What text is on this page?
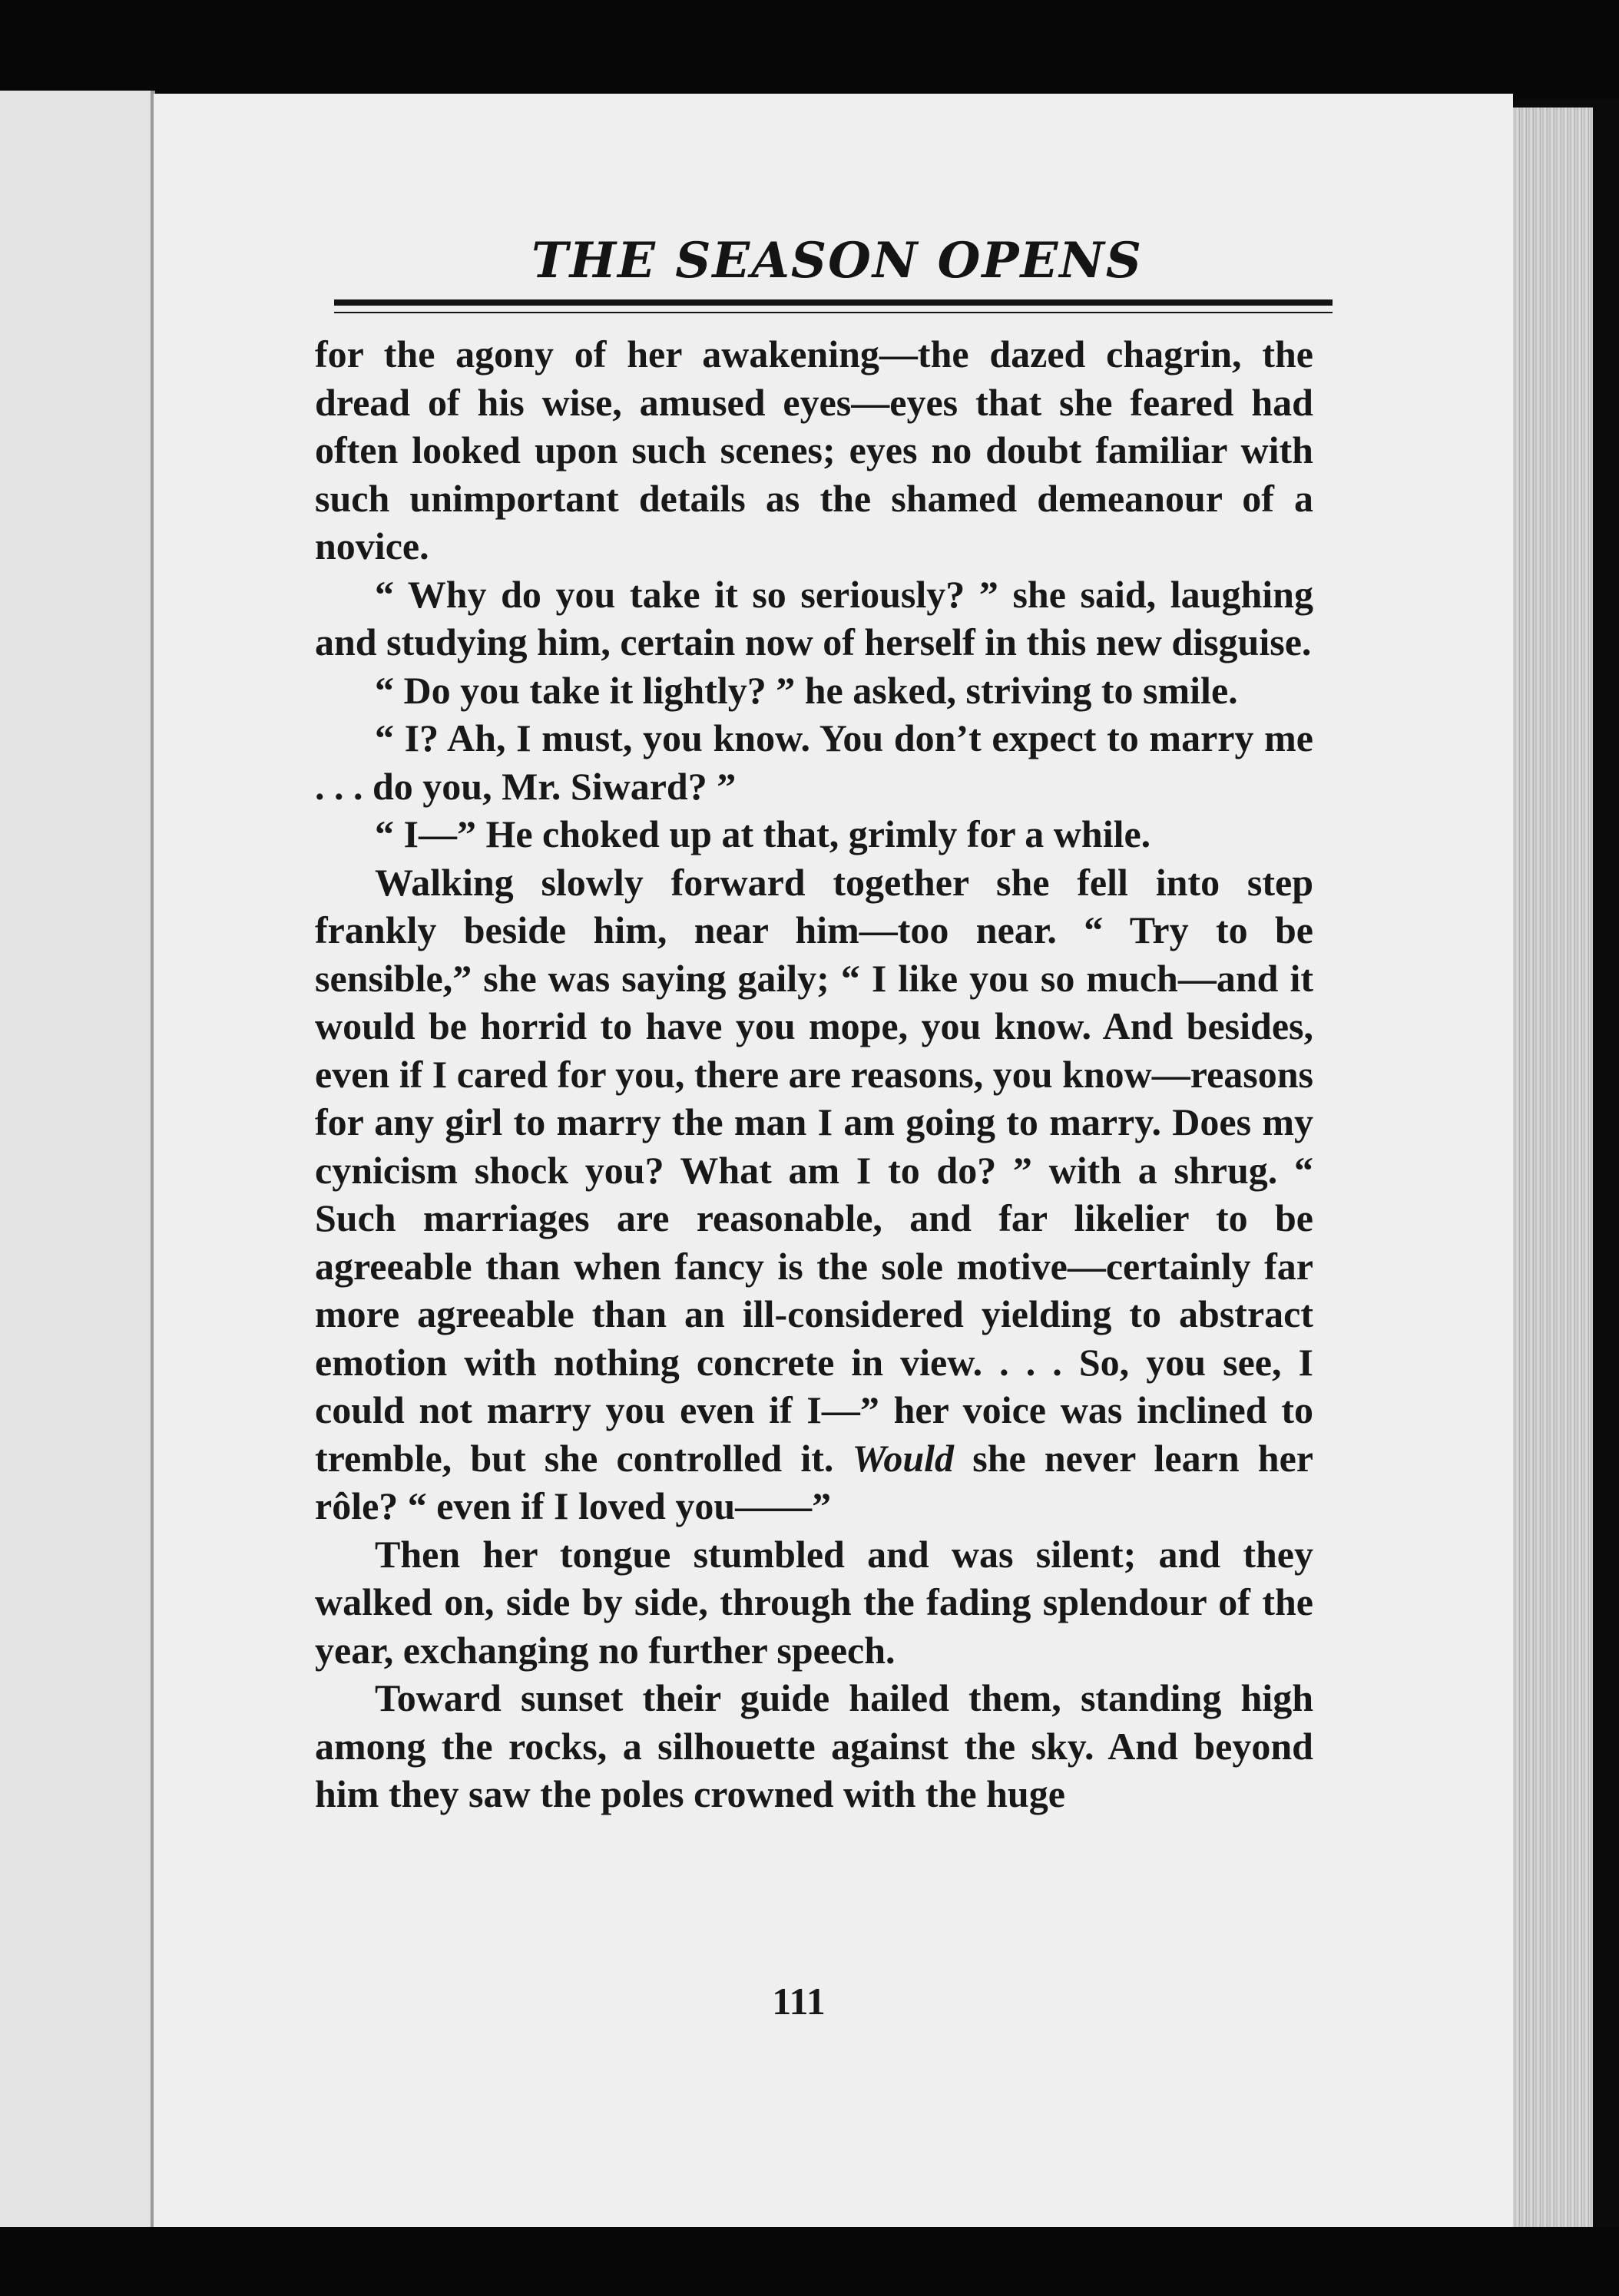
THE SEASON OPENS

for the agony of her awakening—the dazed chagrin, the dread of his wise, amused eyes—eyes that she feared had often looked upon such scenes; eyes no doubt familiar with such unimportant details as the shamed demeanour of a novice.

“ Why do you take it so seriously? ” she said, laughing and studying him, certain now of herself in this new disguise.

“ Do you take it lightly? ” he asked, striving to smile.

“ I? Ah, I must, you know. You don’t expect to marry me . . . do you, Mr. Siward? ”

“ I—” He choked up at that, grimly for a while.

Walking slowly forward together she fell into step frankly beside him, near him—too near. “ Try to be sensible,” she was saying gaily; “ I like you so much—and it would be horrid to have you mope, you know. And besides, even if I cared for you, there are reasons, you know—reasons for any girl to marry the man I am going to marry. Does my cynicism shock you? What am I to do? ” with a shrug. “ Such marriages are reasonable, and far likelier to be agreeable than when fancy is the sole motive—certainly far more agreeable than an ill-considered yielding to abstract emotion with nothing concrete in view. . . . So, you see, I could not marry you even if I—” her voice was inclined to tremble, but she controlled it. Would she never learn her rôle? “ even if I loved you——”

Then her tongue stumbled and was silent; and they walked on, side by side, through the fading splendour of the year, exchanging no further speech.

Toward sunset their guide hailed them, standing high among the rocks, a silhouette against the sky. And beyond him they saw the poles crowned with the huge

111
